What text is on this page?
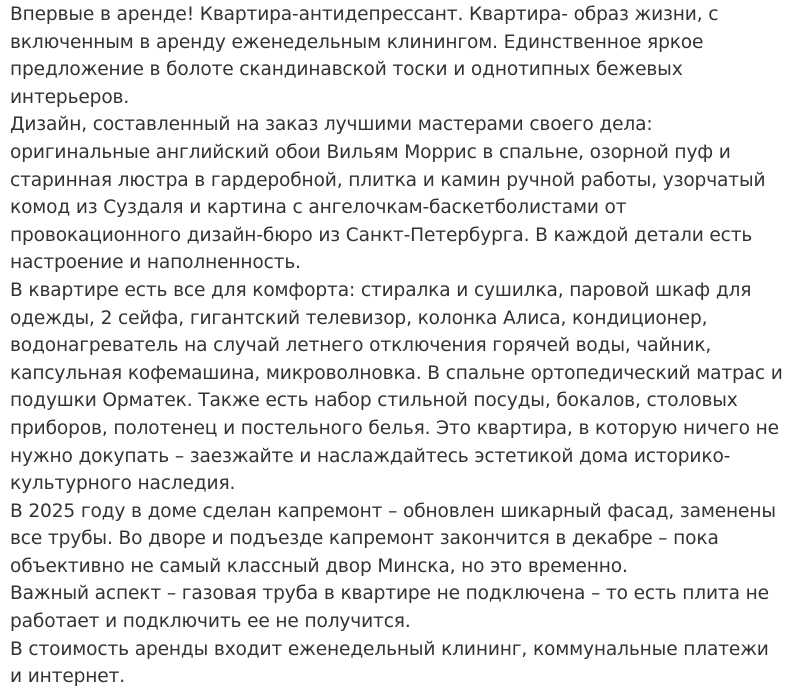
Впервые в аренде! Квартира-антидепрессант. Квартира- образ жизни, с включенным в аренду еженедельным клинингом. Единственное яркое предложение в болоте скандинавской тоски и однотипных бежевых интерьеров.

Дизайн, составленный на заказ лучшими мастерами своего дела: оригинальные английский обои Вильям Моррис в спальне, озорной пуф и старинная люстра в гардеробной, плитка и камин ручной работы, узорчатый комод из Суздаля и картина с ангелочкам-баскетболистами от провокационного дизайн-бюро из Санкт-Петербурга. В каждой детали есть настроение и наполненность.

В квартире есть все для комфорта: стиралка и сушилка, паровой шкаф для одежды, 2 сейфа, гигантский телевизор, колонка Алиса, кондиционер, водонагреватель на случай летнего отключения горячей воды, чайник, капсульная кофемашина, микроволновка. В спальне ортопедический матрас и подушки Орматек. Также есть набор стильной посуды, бокалов, столовых приборов, полотенец и постельного белья. Это квартира, в которую ничего не нужно докупать – заезжайте и наслаждайтесь эстетикой дома историко-культурного наследия.

В 2025 году в доме сделан капремонт – обновлен шикарный фасад, заменены все трубы. Во дворе и подъезде капремонт закончится в декабре – пока объективно не самый классный двор Минска, но это временно.

Важный аспект – газовая труба в квартире не подключена – то есть плита не работает и подключить ее не получится.

В стоимость аренды входит еженедельный клининг, коммунальные платежи и интернет.
